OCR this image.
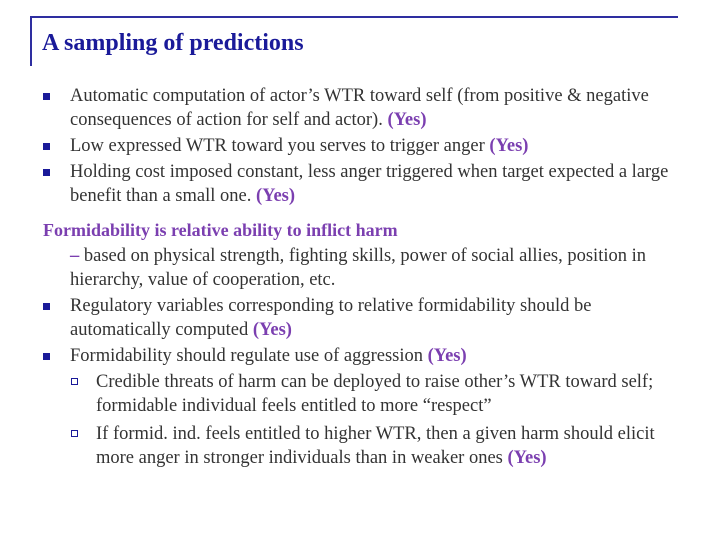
A sampling of predictions
Automatic computation of actor’s WTR toward self (from positive & negative consequences of action for self and actor). (Yes)
Low expressed WTR toward you serves to trigger anger (Yes)
Holding cost imposed constant, less anger triggered when target expected a large benefit than a small one. (Yes)
Formidability is relative ability to inflict harm
– based on physical strength, fighting skills, power of social allies, position in hierarchy, value of cooperation, etc.
Regulatory variables corresponding to relative formidability should be automatically computed (Yes)
Formidability should regulate use of aggression (Yes)
Credible threats of harm can be deployed to raise other’s WTR toward self; formidable individual feels entitled to more “respect”
If formid. ind. feels entitled to higher WTR, then a given harm should elicit more anger in stronger individuals than in weaker ones (Yes)
